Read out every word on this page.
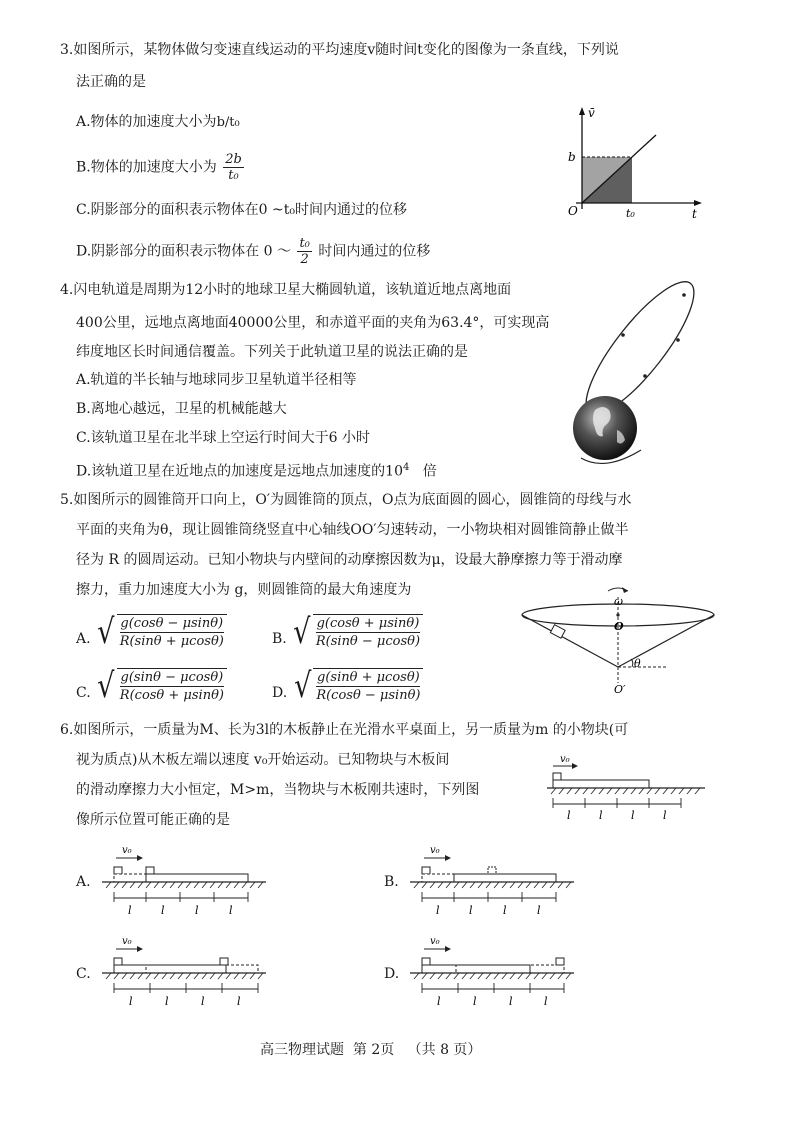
3.如图所示，某物体做匀变速直线运动的平均速度v随时间t变化的图像为一条直线，下列说
法正确的是
A.物体的加速度大小为b/t₀
B.物体的加速度大小为 $\frac{2b}{\text{t₀}}$
C.阴影部分的面积表示物体在0 ~t₀时间内通过的位移
D.阴影部分的面积表示物体在 0 ～ $\frac{\text{t₀}}{2}$ 时间内通过的位移
v̄
t
b
O	t₀
4.闪电轨道是周期为12小时的地球卫星大椭圆轨道，该轨道近地点离地面
400公里，远地点离地面40000公里，和赤道平面的夹角为63.4°，可实现高
纬度地区长时间通信覆盖。下列关于此轨道卫星的说法正确的是
A.轨道的半长轴与地球同步卫星轨道半径相等
B.离地心越远，卫星的机械能越大
C.该轨道卫星在北半球上空运行时间大于6 小时
D.该轨道卫星在近地点的加速度是远地点加速度的$10^4$ 倍
5.如图所示的圆锥筒开口向上，O′为圆锥筒的顶点，O点为底面圆的圆心，圆锥筒的母线与水
平面的夹角为θ，现让圆锥筒绕竖直中心轴线OO′匀速转动，一小物块相对圆锥筒静止做半
径为 R 的圆周运动。已知小物块与内壁间的动摩擦因数为μ，设最大静摩擦力等于滑动摩
擦力，重力加速度大小为 g，则圆锥筒的最大角速度为
A. √ $\frac{g(\cos\theta - \mu\sin\theta)}{R(\sin\theta + \mu\cos\theta)}$	B. √ $\frac{g(\cos\theta + \mu\sin\theta)}{R(\sin\theta - \mu\cos\theta)}$
C. √ $\frac{g(\sin\theta - \mu\cos\theta)}{R(\cos\theta + \mu\sin\theta)}$	D. √ $\frac{g(\sin\theta + \mu\cos\theta)}{R(\cos\theta - \mu\sin\theta)}$
ω
O
O′
θ
6.如图所示，一质量为M、长为3l的木板静止在光滑水平桌面上，另一质量为m 的小物块(可
视为质点)从木板左端以速度 v₀开始运动。已知物块与木板间
的滑动摩擦力大小恒定，M>m，当物块与木板刚共速时，下列图
像所示位置可能正确的是
v₀
l	l	l	l
A.
v₀
l	l	l	l
B.
v₀
l	l	l	l
C.
v₀
l	l	l	l
D.
v₀
l	l	l	l
高三物理试题 第 2页 （共 8 页）
